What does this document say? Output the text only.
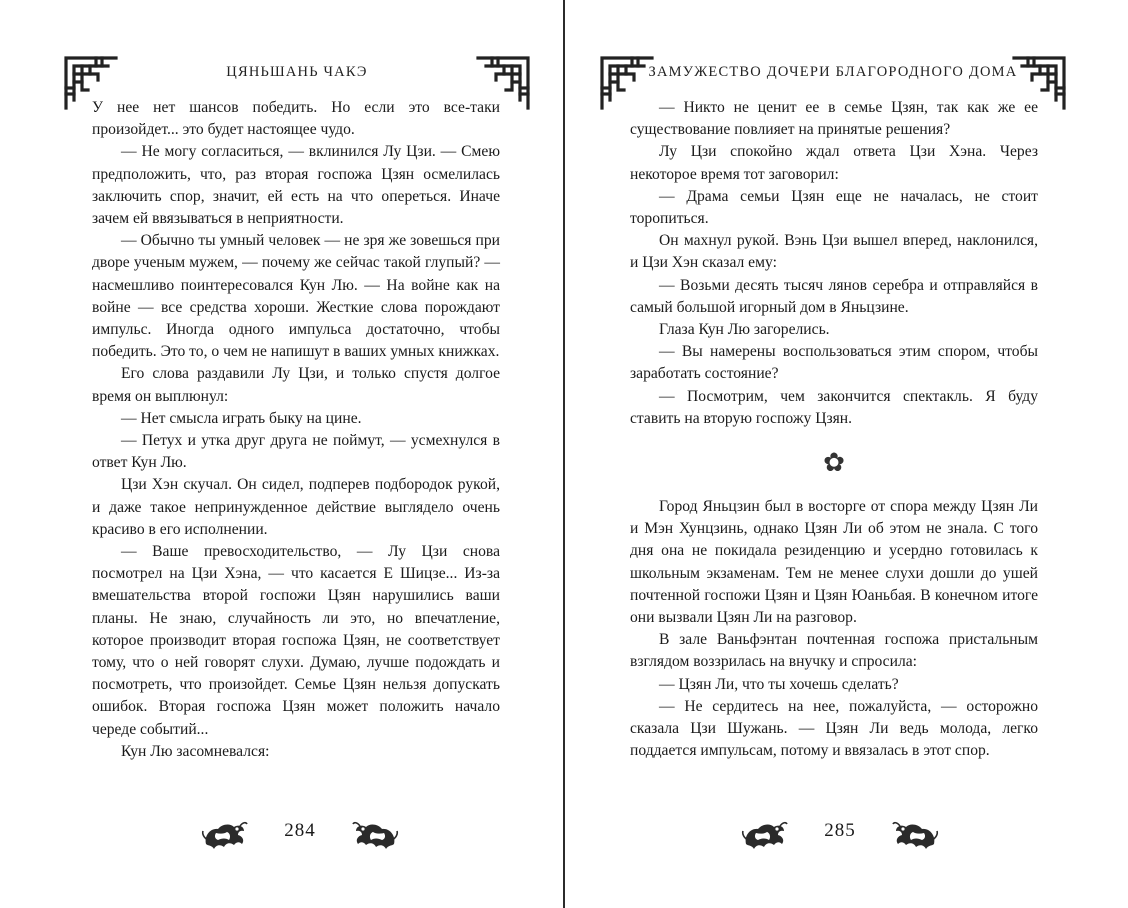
ЦЯНЬШАНЬ ЧАКЭ

У нее нет шансов победить. Но если это все-таки произойдет... это будет настоящее чудо.

— Не могу согласиться, — вклинился Лу Цзи. — Смею предположить, что, раз вторая госпожа Цзян осмелилась заключить спор, значит, ей есть на что опереться. Иначе зачем ей ввязываться в неприятности.

— Обычно ты умный человек — не зря же зовешься при дворе ученым мужем, — почему же сейчас такой глупый? — насмешливо поинтересовался Кун Лю. — На войне как на войне — все средства хороши. Жесткие слова порождают импульс. Иногда одного импульса достаточно, чтобы победить. Это то, о чем не напишут в ваших умных книжках.

Его слова раздавили Лу Цзи, и только спустя долгое время он выплюнул:

— Нет смысла играть быку на цине.

— Петух и утка друг друга не поймут, — усмехнулся в ответ Кун Лю.

Цзи Хэн скучал. Он сидел, подперев подбородок рукой, и даже такое непринужденное действие выглядело очень красиво в его исполнении.

— Ваше превосходительство, — Лу Цзи снова посмотрел на Цзи Хэна, — что касается Е Шицзе... Из-за вмешательства второй госпожи Цзян нарушились ваши планы. Не знаю, случайность ли это, но впечатление, которое производит вторая госпожа Цзян, не соответствует тому, что о ней говорят слухи. Думаю, лучше подождать и посмотреть, что произойдет. Семье Цзян нельзя допускать ошибок. Вторая госпожа Цзян может положить начало череде событий...

Кун Лю засомневался:

284
ЗАМУЖЕСТВО ДОЧЕРИ БЛАГОРОДНОГО ДОМА

— Никто не ценит ее в семье Цзян, так как же ее существование повлияет на принятые решения?

Лу Цзи спокойно ждал ответа Цзи Хэна. Через некоторое время тот заговорил:

— Драма семьи Цзян еще не началась, не стоит торопиться.

Он махнул рукой. Вэнь Цзи вышел вперед, наклонился, и Цзи Хэн сказал ему:

— Возьми десять тысяч лянов серебра и отправляйся в самый большой игорный дом в Яньцзине.

Глаза Кун Лю загорелись.

— Вы намерены воспользоваться этим спором, чтобы заработать состояние?

— Посмотрим, чем закончится спектакль. Я буду ставить на вторую госпожу Цзян.

✿

Город Яньцзин был в восторге от спора между Цзян Ли и Мэн Хунцзинь, однако Цзян Ли об этом не знала. С того дня она не покидала резиденцию и усердно готовилась к школьным экзаменам. Тем не менее слухи дошли до ушей почтенной госпожи Цзян и Цзян Юаньбая. В конечном итоге они вызвали Цзян Ли на разговор.

В зале Ваньфэнтан почтенная госпожа пристальным взглядом воззрилась на внучку и спросила:

— Цзян Ли, что ты хочешь сделать?

— Не сердитесь на нее, пожалуйста, — осторожно сказала Цзи Шужань. — Цзян Ли ведь молода, легко поддается импульсам, потому и ввязалась в этот спор.

285
